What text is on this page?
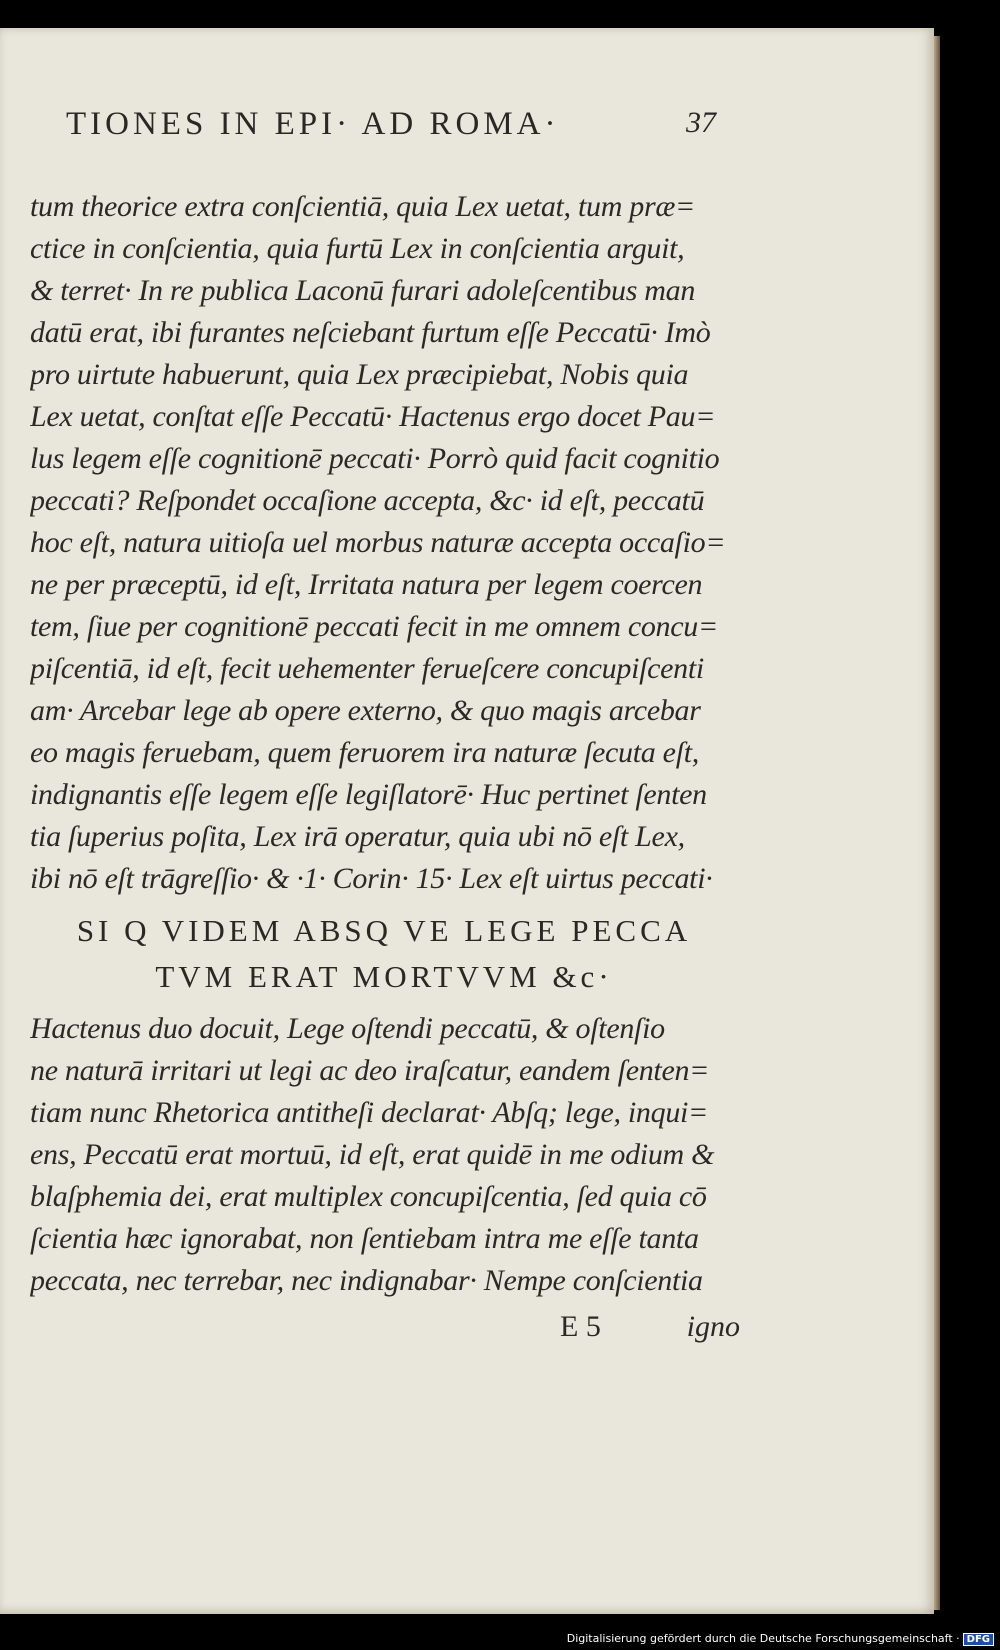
TIONES IN EPI· AD ROMA·	37
tum theorice extra conſcientiā, quia Lex uetat, tum præ=
ctice in conſcientia, quia furtū Lex in conſcientia arguit,
& terret· In re publica Laconū furari adoleſcentibus man
datū erat, ibi furantes neſciebant furtum eſſe Peccatū· Imò
pro uirtute habuerunt, quia Lex præcipiebat, Nobis quia
Lex uetat, conſtat eſſe Peccatū· Hactenus ergo docet Pau=
lus legem eſſe cognitionē peccati· Porrò quid facit cognitio
peccati? Reſpondet occaſione accepta, &c· id eſt, peccatū
hoc eſt, natura uitioſa uel morbus naturæ accepta occaſio=
ne per præceptū, id eſt, Irritata natura per legem coercen
tem, ſiue per cognitionē peccati fecit in me omnem concu=
piſcentiā, id eſt, fecit uehementer ferueſcere concupiſcenti
am· Arcebar lege ab opere externo, & quo magis arcebar
eo magis feruebam, quem feruorem ira naturæ ſecuta eſt,
indignantis eſſe legem eſſe legiſlatorē· Huc pertinet ſenten
tia ſuperius poſita, Lex irā operatur, quia ubi nō eſt Lex,
ibi nō eſt trāgreſſio· & ·1· Corin· 15· Lex eſt uirtus peccati·
SI Q VIDEM ABSQ VE LEGE PECCA
TVM ERAT MORTVVM &c·
Hactenus duo docuit, Lege oſtendi peccatū, & oſtenſio
ne naturā irritari ut legi ac deo iraſcatur, eandem ſenten=
tiam nunc Rhetorica antitheſi declarat· Abſq; lege, inqui=
ens, Peccatū erat mortuū, id eſt, erat quidē in me odium &
blaſphemia dei, erat multiplex concupiſcentia, ſed quia cō
ſcientia hæc ignorabat, non ſentiebam intra me eſſe tanta
peccata, nec terrebar, nec indignabar· Nempe conſcientia
E 5	igno
Digitalisierung gefördert durch die Deutsche Forschungsgemeinschaft · DFG
